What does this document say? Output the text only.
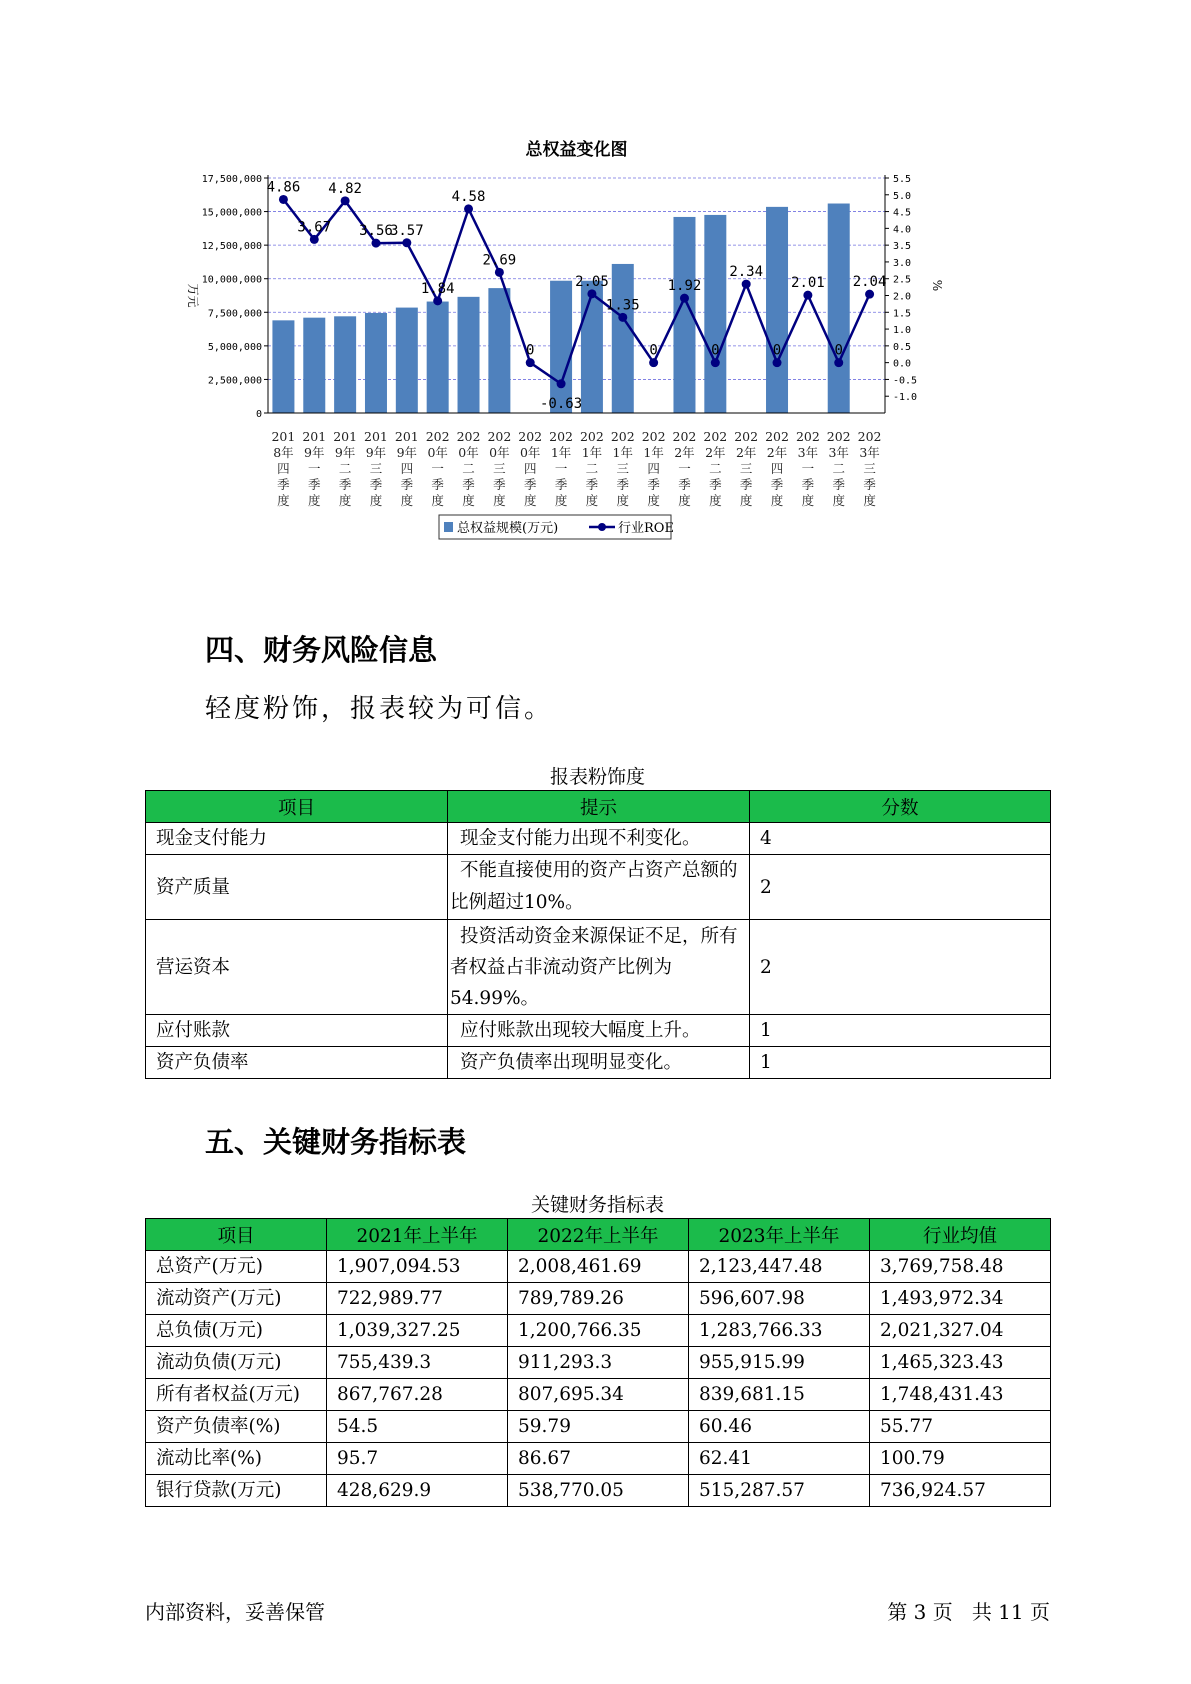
总权益变化图
0
2,500,000
5,000,000
7,500,000
10,000,000
12,500,000
15,000,000
17,500,000
-1.0
-0.5
0.0
0.5
1.0
1.5
2.0
2.5
3.0
3.5
4.0
4.5
5.0
5.5
万元	%
201
8年
四
季
度
201
9年
一
季
度
201
9年
二
季
度
201
9年
三
季
度
201
9年
四
季
度
202
0年
一
季
度
202
0年
二
季
度
202
0年
三
季
度
202
0年
四
季
度
202
1年
一
季
度
202
1年
二
季
度
202
1年
三
季
度
202
1年
四
季
度
202
2年
一
季
度
202
2年
二
季
度
202
2年
三
季
度
202
2年
四
季
度
202
3年
一
季
度
202
3年
二
季
度
202
3年
三
季
度
4.86
3.67
4.82
3.56
3.57
1.84
4.58
2.69
0
-0.63
2.05
1.35
0
1.92
0
2.34
0
2.01
0
2.04
总权益规模(万元)	行业ROE
四、财务风险信息

轻度粉饰，报表较为可信。

报表粉饰度
项目	提示	分数
现金支付能力	现金支付能力出现不利变化。	4
资产质量	不能直接使用的资产占资产总额的比例超过10%。	2
营运资本	投资活动资金来源保证不足，所有者权益占非流动资产比例为54.99%。	2
应付账款	应付账款出现较大幅度上升。	1
资产负债率	资产负债率出现明显变化。	1
五、关键财务指标表
关键财务指标表
项目	2021年上半年	2022年上半年	2023年上半年	行业均值
总资产(万元)	1,907,094.53	2,008,461.69	2,123,447.48	3,769,758.48
流动资产(万元)	722,989.77	789,789.26	596,607.98	1,493,972.34
总负债(万元)	1,039,327.25	1,200,766.35	1,283,766.33	2,021,327.04
流动负债(万元)	755,439.3	911,293.3	955,915.99	1,465,323.43
所有者权益(万元)	867,767.28	807,695.34	839,681.15	1,748,431.43
资产负债率(%)	54.5	59.79	60.46	55.77
流动比率(%)	95.7	86.67	62.41	100.79
银行贷款(万元)	428,629.9	538,770.05	515,287.57	736,924.57
内部资料，妥善保管	第 3 页   共 11 页
